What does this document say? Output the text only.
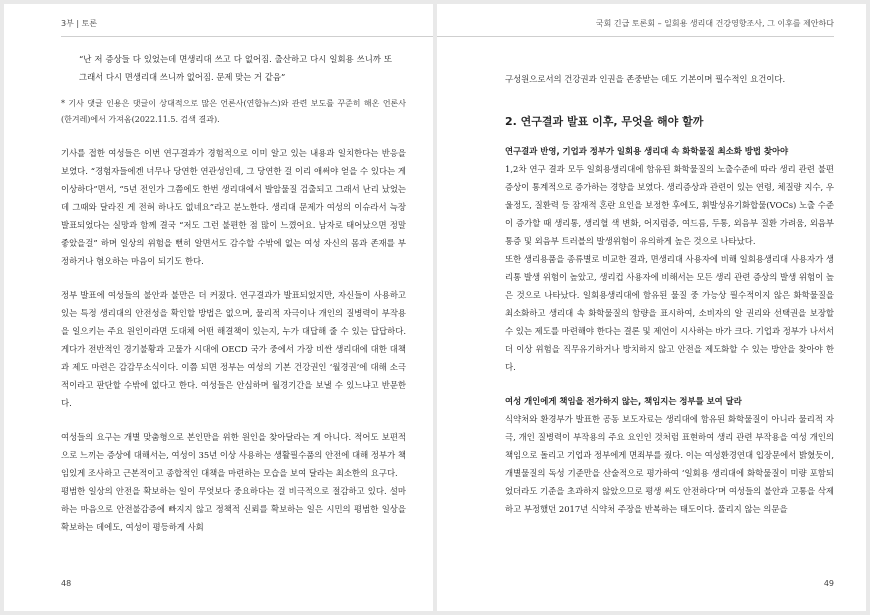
3부 | 토론

“난 저 증상들 다 있었는데 면생리대 쓰고 다 없어짐. 출산하고 다시 일회용 쓰니까 또 그래서 다시 면생리대 쓰니까 없어짐. 문제 맞는 거 같음”

* 기사 댓글 인용은 댓글이 상대적으로 많은 언론사(연합뉴스)와 관련 보도를 꾸준히 해온 언론사(한겨레)에서 가져옴(2022.11.5. 검색 결과).

기사를 접한 여성들은 이번 연구결과가 경험적으로 이미 알고 있는 내용과 일치한다는 반응을 보였다. “경험자들에겐 너무나 당연한 연관성인데, 그 당연한 걸 이리 애써야 얻을 수 있다는 게 이상하다”면서, “5년 전인가 그쯤에도 한번 생리대에서 발암물질 검출되고 그래서 난리 났었는데 그때와 달라진 게 전혀 하나도 없네요”라고 분노한다. 생리대 문제가 여성의 이슈라서 늑장 발표되었다는 실망과 함께 결국 “저도 그런 불편한 점 많이 느꼈어요. 남자로 태어났으면 정말 좋았을걸” 하며 일상의 위험을 뻔히 알면서도 감수할 수밖에 없는 여성 자신의 몸과 존재를 부정하거나 혐오하는 마음이 되기도 한다.

정부 발표에 여성들의 불안과 불만은 더 커졌다. 연구결과가 발표되었지만, 자신들이 사용하고 있는 특정 생리대의 안전성을 확인할 방법은 없으며, 물리적 자극이나 개인의 질병력이 부작용을 일으키는 주요 원인이라면 도대체 어떤 해결책이 있는지, 누가 대답해 줄 수 있는 답답하다. 게다가 전반적인 경기불황과 고물가 시대에 OECD 국가 중에서 가장 비싼 생리대에 대한 대책과 제도 마련은 감감무소식이다. 이쯤 되면 정부는 여성의 기본 건강권인 ‘월경권’에 대해 소극적이라고 판단할 수밖에 없다고 한다. 여성들은 안심하며 월경기간을 보낼 수 있느냐고 반문한다.

여성들의 요구는 개별 맞춤형으로 본인만을 위한 원인을 찾아달라는 게 아니다. 적어도 보편적으로 느끼는 증상에 대해서는, 여성이 35년 이상 사용하는 생활필수품의 안전에 대해 정부가 책임있게 조사하고 근본적이고 종합적인 대책을 마련하는 모습을 보여 달라는 최소한의 요구다.

평범한 일상의 안전을 확보하는 일이 무엇보다 중요하다는 걸 비극적으로 절감하고 있다. 설마 하는 마음으로 안전불감증에 빠지지 않고 정책적 신뢰를 확보하는 일은 시민의 평범한 일상을 확보하는 데에도, 여성이 평등하게 사회

48
국회 긴급 토론회 – 일회용 생리대 건강영향조사, 그 이후를 제안하다

구성원으로서의 건강권과 인권을 존중받는 데도 기본이며 필수적인 요건이다.

2. 연구결과 발표 이후, 무엇을 해야 할까
연구결과 반영, 기업과 정부가 일회용 생리대 속 화학물질 최소화 방법 찾아야

1,2차 연구 결과 모두 일회용생리대에 함유된 화학물질의 노출수준에 따라 생리 관련 불편 증상이 통계적으로 증가하는 경향을 보였다. 생리증상과 관련이 있는 연령, 체질량 지수, 우울정도, 질환력 등 잠재적 혼란 요인을 보정한 후에도, 휘발성유기화합물(VOCs) 노출 수준이 증가할 때 생리통, 생리혈 색 변화, 어지럼증, 여드름, 두통, 외음부 질환 가려움, 외음부 통증 및 외음부 트러블의 발생위험이 유의하게 높은 것으로 나타났다.

또한 생리용품을 종류별로 비교한 결과, 면생리대 사용자에 비해 일회용생리대 사용자가 생리통 발생 위험이 높았고, 생리컵 사용자에 비해서는 모든 생리 관련 증상의 발생 위험이 높은 것으로 나타났다. 일회용생리대에 함유된 물질 중 가능상 필수적이지 않은 화학물질을 최소화하고 생리대 속 화학물질의 함량을 표시하여, 소비자의 알 권리와 선택권을 보장할 수 있는 제도를 마련해야 한다는 결론 및 제언이 시사하는 바가 크다. 기업과 정부가 나서서 더 이상 위험을 직무유기하거나 방치하지 않고 안전을 제도화할 수 있는 방안을 찾아야 한다.

여성 개인에게 책임을 전가하지 않는, 책임지는 정부를 보여 달라

식약처와 환경부가 발표한 공동 보도자료는 생리대에 함유된 화학물질이 아니라 물리적 자극, 개인 질병력이 부작용의 주요 요인인 것처럼 표현하여 생리 관련 부작용을 여성 개인의 책임으로 돌리고 기업과 정부에게 면죄부를 줬다. 이는 여성환경연대 입장문에서 밝혔듯이, 개별물질의 독성 기준만을 산술적으로 평가하여 ‘일회용 생리대에 화학물질이 미량 포함되었더라도 기준을 초과하지 않았으므로 평생 써도 안전하다’며 여성들의 불안과 고통을 삭제하고 부정했던 2017년 식약처 주장을 반복하는 태도이다. 풀리지 않는 의문을

49
